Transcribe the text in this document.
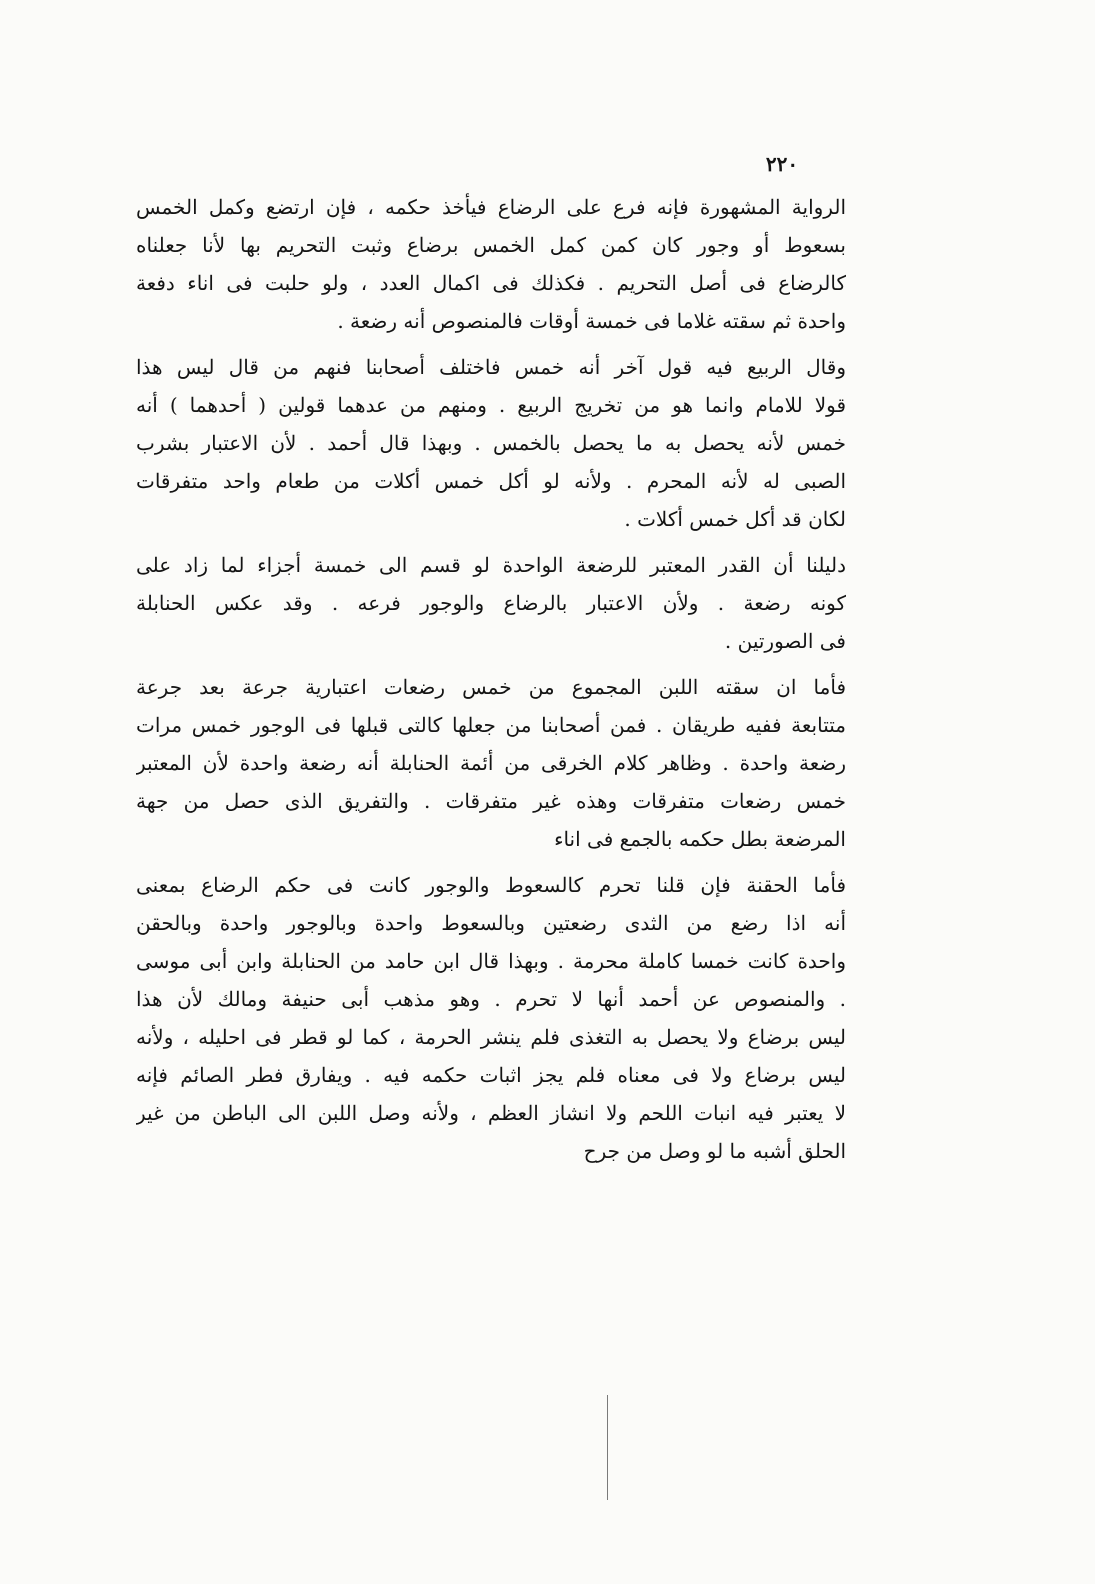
٢٢٠
الرواية المشهورة فإنه فرع على الرضاع فيأخذ حكمه ، فإن ارتضع وكمل الخمس
بسعوط أو وجور كان كمن كمل الخمس برضاع وثبت التحريم بها لأنا جعلناه
كالرضاع فى أصل التحريم . فكذلك فى اكمال العدد ، ولو حلبت فى اناء دفعة
واحدة ثم سقته غلاما فى خمسة أوقات فالمنصوص أنه رضعة .
وقال الربيع فيه قول آخر أنه خمس فاختلف أصحابنا فنهم من قال ليس هذا
قولا للامام وانما هو من تخريج الربيع . ومنهم من عدهما قولين ( أحدهما ) أنه
خمس لأنه يحصل به ما يحصل بالخمس . وبهذا قال أحمد . لأن الاعتبار بشرب
الصبى له لأنه المحرم . ولأنه لو أكل خمس أكلات من طعام واحد متفرقات
لكان قد أكل خمس أكلات .
دليلنا أن القدر المعتبر للرضعة الواحدة لو قسم الى خمسة أجزاء لما زاد على
كونه رضعة . ولأن الاعتبار بالرضاع والوجور فرعه . وقد عكس الحنابلة
فى الصورتين .
فأما ان سقته اللبن المجموع من خمس رضعات اعتبارية جرعة بعد جرعة
متتابعة ففيه طريقان . فمن أصحابنا من جعلها كالتى قبلها فى الوجور خمس مرات
رضعة واحدة . وظاهر كلام الخرقى من أئمة الحنابلة أنه رضعة واحدة لأن المعتبر
خمس رضعات متفرقات وهذه غير متفرقات . والتفريق الذى حصل من جهة
المرضعة بطل حكمه بالجمع فى اناء
فأما الحقنة فإن قلنا تحرم كالسعوط والوجور كانت فى حكم الرضاع بمعنى
أنه اذا رضع من الثدى رضعتين وبالسعوط واحدة وبالوجور واحدة وبالحقن
واحدة كانت خمسا كاملة محرمة . وبهذا قال ابن حامد من الحنابلة وابن أبى موسى
. والمنصوص عن أحمد أنها لا تحرم . وهو مذهب أبى حنيفة ومالك لأن هذا
ليس برضاع ولا يحصل به التغذى فلم ينشر الحرمة ، كما لو قطر فى احليله ، ولأنه
ليس برضاع ولا فى معناه فلم يجز اثبات حكمه فيه . ويفارق فطر الصائم فإنه
لا يعتبر فيه انبات اللحم ولا انشاز العظم ، ولأنه وصل اللبن الى الباطن من غير
الحلق أشبه ما لو وصل من جرح
